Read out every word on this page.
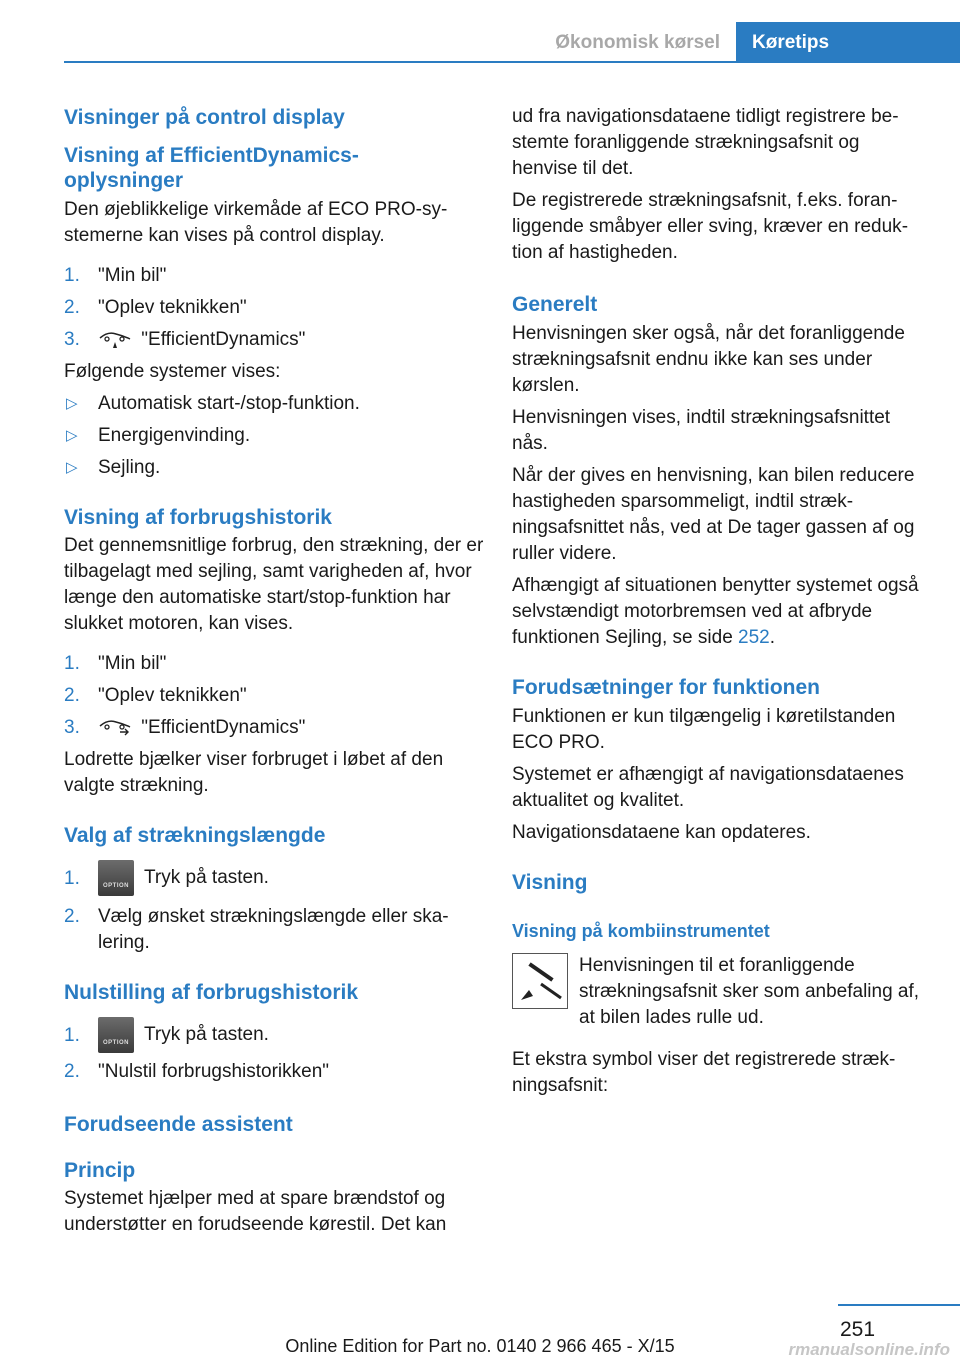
Økonomisk kørsel	Køretips
Visninger på control display
Visning af EfficientDynamics-oplysninger

Den øjeblikkelige virkemåde af ECO PRO-systemerne kan vises på control display.

1. "Min bil"
2. "Oplev teknikken"
3.	"EfficientDynamics"

Følgende systemer vises:

▷ Automatisk start-/stop-funktion.
▷ Energigenvinding.
▷ Sejling.
Visning af forbrugshistorik

Det gennemsnitlige forbrug, den strækning, der er tilbagelagt med sejling, samt varigheden af, hvor længe den automatiske start/stop-funktion har slukket motoren, kan vises.

1. "Min bil"
2. "Oplev teknikken"
3.	"EfficientDynamics"

Lodrette bjælker viser forbruget i løbet af den valgte strækning.

Valg af strækningslængde
1.	OPTION Tryk på tasten.
2. Vælg ønsket strækningslængde eller skalering.
Nulstilling af forbrugshistorik
1.	OPTION Tryk på tasten.
2. "Nulstil forbrugshistorikken"
Forudseende assistent
Princip

Systemet hjælper med at spare brændstof og understøtter en forudseende kørestil. Det kan

ud fra navigationsdataene tidligt registrere bestemte foranliggende strækningsafsnit og henvise til det.

De registrerede strækningsafsnit, f.eks. foranliggende småbyer eller sving, kræver en reduktion af hastigheden.

Generelt

Henvisningen sker også, når det foranliggende strækningsafsnit endnu ikke kan ses under kørslen.

Henvisningen vises, indtil strækningsafsnittet nås.

Når der gives en henvisning, kan bilen reducere hastigheden sparsommeligt, indtil strækningsafsnittet nås, ved at De tager gassen af og ruller videre.

Afhængigt af situationen benytter systemet også selvstændigt motorbremsen ved at afbryde funktionen Sejling, se side 252.

Forudsætninger for funktionen

Funktionen er kun tilgængelig i køretilstanden ECO PRO.

Systemet er afhængigt af navigationsdataenes aktualitet og kvalitet.

Navigationsdataene kan opdateres.

Visning
Visning på kombiinstrumentet

Henvisningen til et foranliggende strækningsafsnit sker som anbefaling af, at bilen lades rulle ud.

Et ekstra symbol viser det registrerede strækningsafsnit:

251
Online Edition for Part no. 0140 2 966 465 - X/15	rmanualsonline.info
